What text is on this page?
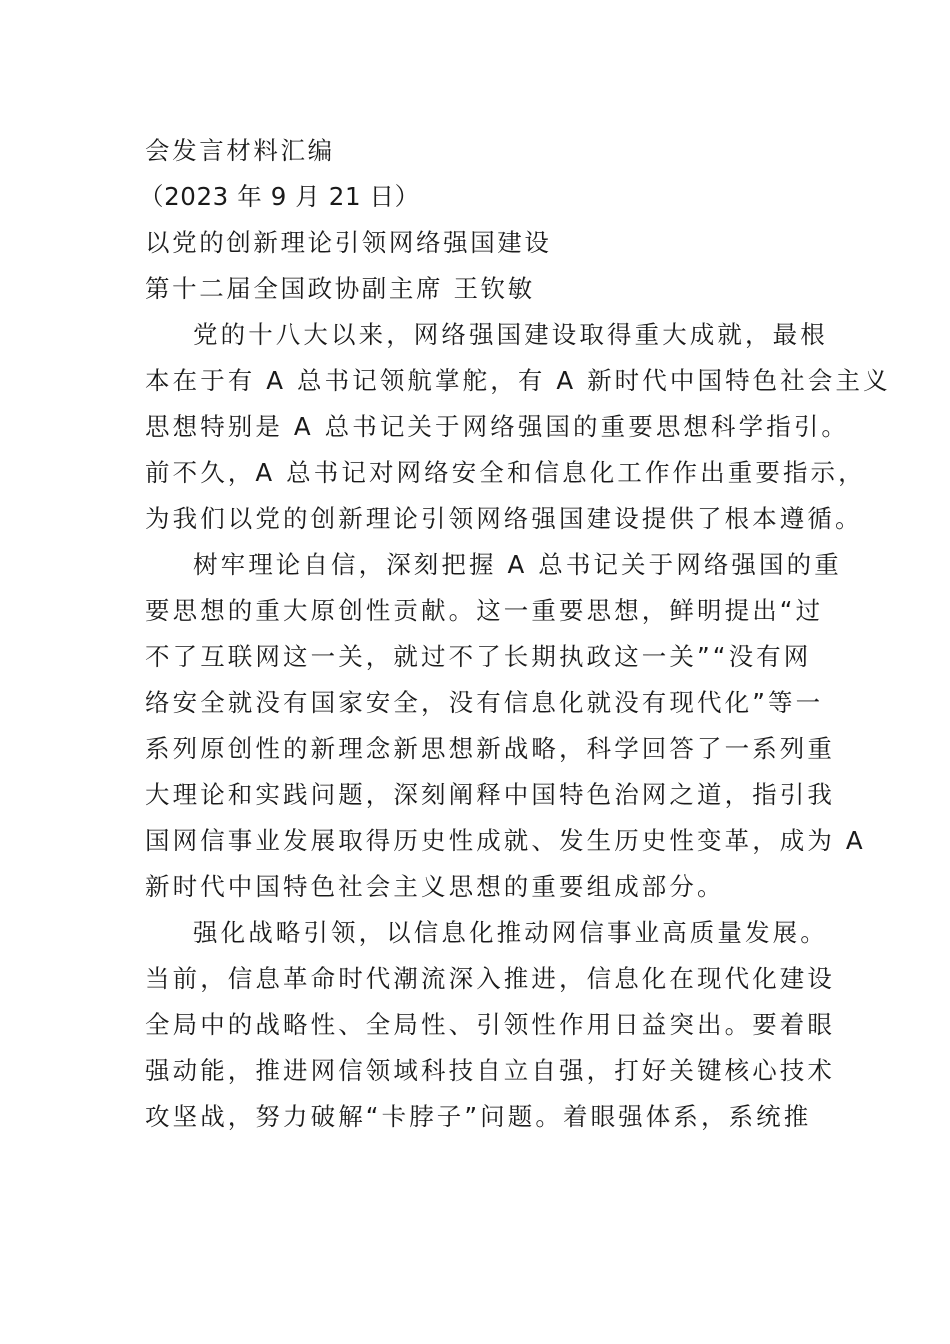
会发言材料汇编

（2023 年 9 月 21 日）

以党的创新理论引领网络强国建设

第十二届全国政协副主席 王钦敏

党的十八大以来，网络强国建设取得重大成就，最根
本在于有 A 总书记领航掌舵，有 A 新时代中国特色社会主义
思想特别是 A 总书记关于网络强国的重要思想科学指引。
前不久，A 总书记对网络安全和信息化工作作出重要指示，
为我们以党的创新理论引领网络强国建设提供了根本遵循。
树牢理论自信，深刻把握 A 总书记关于网络强国的重
要思想的重大原创性贡献。这一重要思想，鲜明提出“过
不了互联网这一关，就过不了长期执政这一关”“没有网
络安全就没有国家安全，没有信息化就没有现代化”等一
系列原创性的新理念新思想新战略，科学回答了一系列重
大理论和实践问题，深刻阐释中国特色治网之道，指引我
国网信事业发展取得历史性成就、发生历史性变革，成为 A
新时代中国特色社会主义思想的重要组成部分。
强化战略引领，以信息化推动网信事业高质量发展。
当前，信息革命时代潮流深入推进，信息化在现代化建设
全局中的战略性、全局性、引领性作用日益突出。要着眼
强动能，推进网信领域科技自立自强，打好关键核心技术
攻坚战，努力破解“卡脖子”问题。着眼强体系，系统推
